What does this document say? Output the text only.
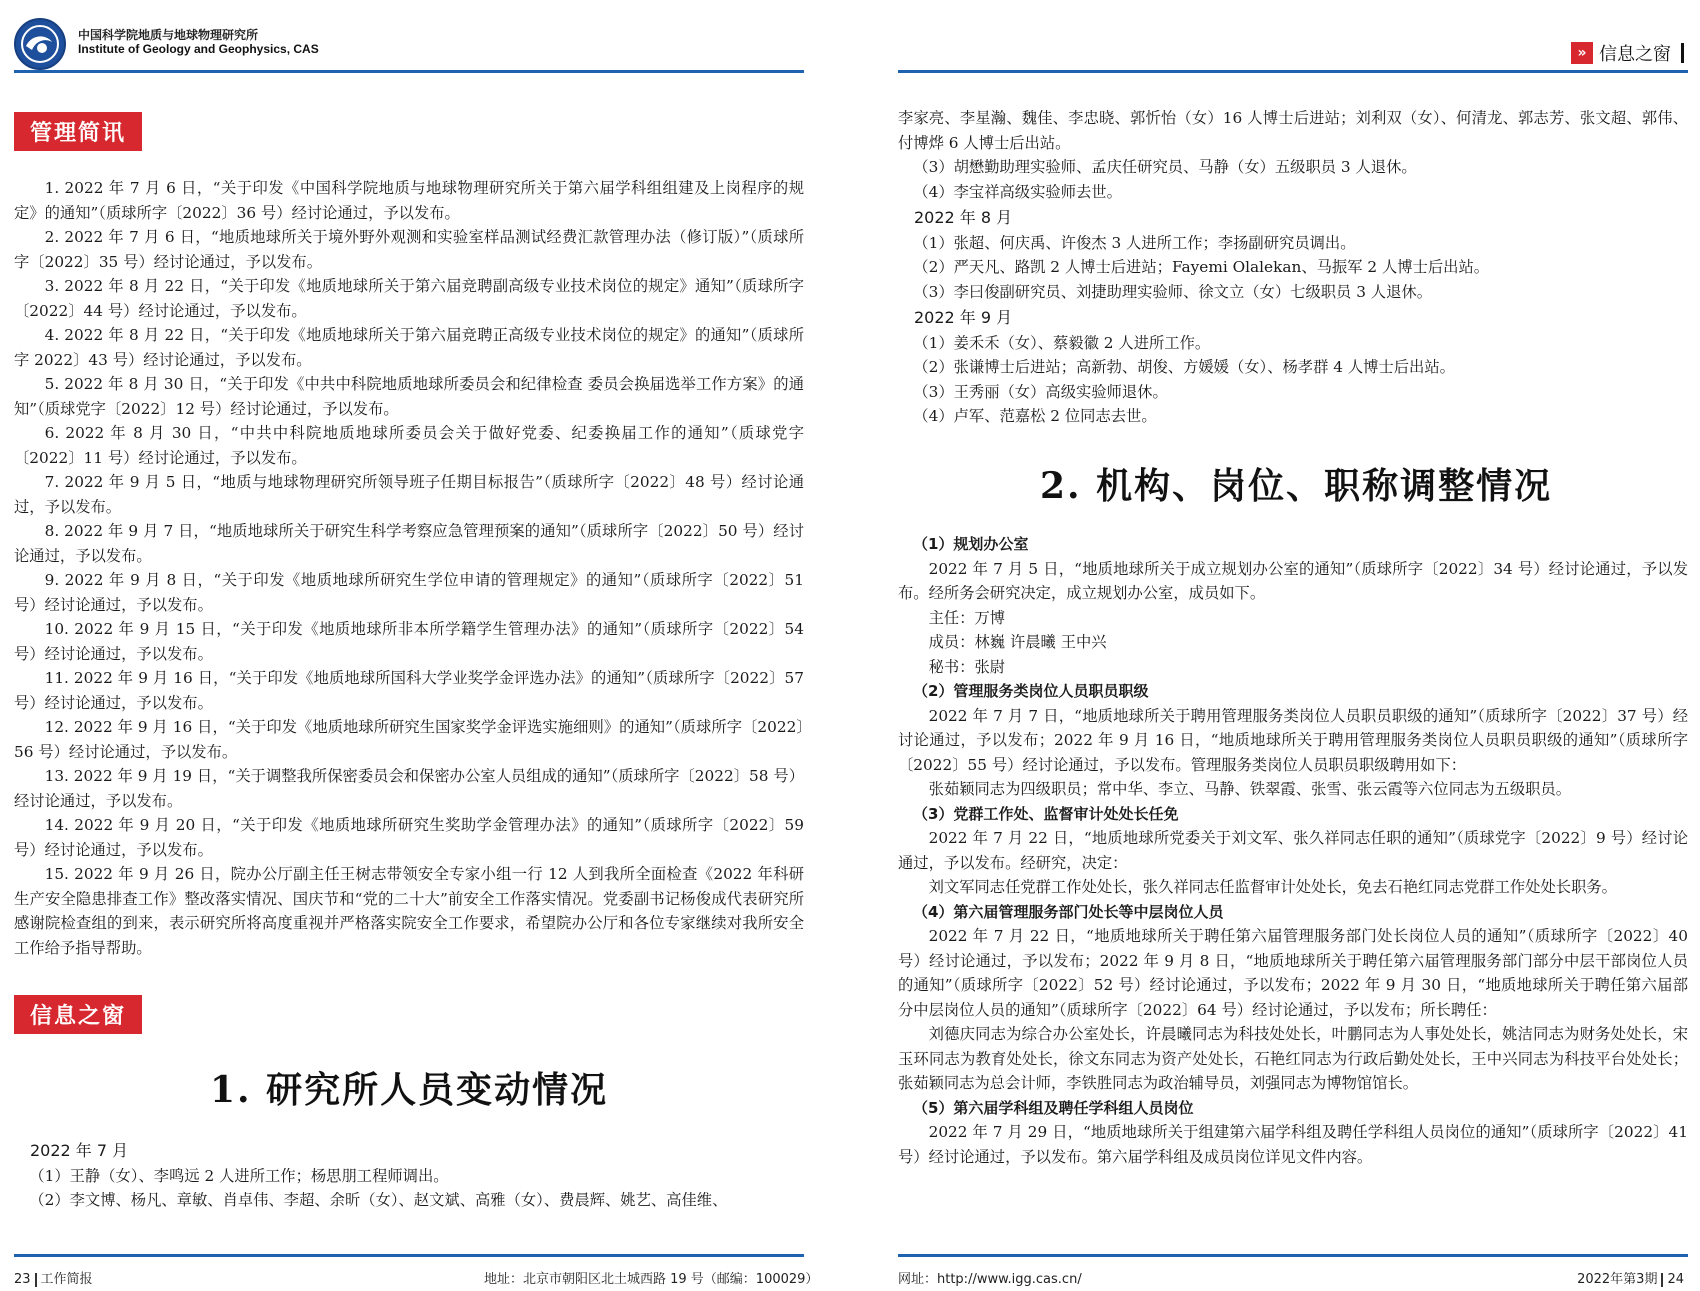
中国科学院地质与地球物理研究所
Institute of Geology and Geophysics, CAS
管理简讯

1. 2022 年 7 月 6 日，“关于印发《中国科学院地质与地球物理研究所关于第六届学科组组建及上岗程序的规定》的通知”（质球所字〔2022〕36 号）经讨论通过，予以发布。

2. 2022 年 7 月 6 日，“地质地球所关于境外野外观测和实验室样品测试经费汇款管理办法（修订版）”（质球所字〔2022〕35 号）经讨论通过，予以发布。

3. 2022 年 8 月 22 日，“关于印发《地质地球所关于第六届竞聘副高级专业技术岗位的规定》通知”（质球所字〔2022〕44 号）经讨论通过，予以发布。

4. 2022 年 8 月 22 日，“关于印发《地质地球所关于第六届竞聘正高级专业技术岗位的规定》的通知”（质球所字 2022〕43 号）经讨论通过，予以发布。

5. 2022 年 8 月 30 日，“关于印发《中共中科院地质地球所委员会和纪律检查 委员会换届选举工作方案》的通知”（质球党字〔2022〕12 号）经讨论通过，予以发布。

6. 2022 年 8 月 30 日，“中共中科院地质地球所委员会关于做好党委、纪委换届工作的通知”（质球党字〔2022〕11 号）经讨论通过，予以发布。

7. 2022 年 9 月 5 日，“地质与地球物理研究所领导班子任期目标报告”（质球所字〔2022〕48 号）经讨论通过，予以发布。

8. 2022 年 9 月 7 日，“地质地球所关于研究生科学考察应急管理预案的通知”（质球所字〔2022〕50 号）经讨论通过，予以发布。

9. 2022 年 9 月 8 日，“关于印发《地质地球所研究生学位申请的管理规定》的通知”（质球所字〔2022〕51 号）经讨论通过，予以发布。

10. 2022 年 9 月 15 日，“关于印发《地质地球所非本所学籍学生管理办法》的通知”（质球所字〔2022〕54 号）经讨论通过，予以发布。

11. 2022 年 9 月 16 日，“关于印发《地质地球所国科大学业奖学金评选办法》的通知”（质球所字〔2022〕57 号）经讨论通过，予以发布。

12. 2022 年 9 月 16 日，“关于印发《地质地球所研究生国家奖学金评选实施细则》的通知”（质球所字〔2022〕56 号）经讨论通过，予以发布。

13. 2022 年 9 月 19 日，“关于调整我所保密委员会和保密办公室人员组成的通知”（质球所字〔2022〕58 号）经讨论通过，予以发布。

14. 2022 年 9 月 20 日，“关于印发《地质地球所研究生奖助学金管理办法》的通知”（质球所字〔2022〕59 号）经讨论通过，予以发布。

15. 2022 年 9 月 26 日，院办公厅副主任王树志带领安全专家小组一行 12 人到我所全面检查《2022 年科研生产安全隐患排查工作》整改落实情况、国庆节和“党的二十大”前安全工作落实情况。党委副书记杨俊成代表研究所感谢院检查组的到来，表示研究所将高度重视并严格落实院安全工作要求，希望院办公厅和各位专家继续对我所安全工作给予指导帮助。

信息之窗
1. 研究所人员变动情况

2022 年 7 月

（1）王静（女）、李鸣远 2 人进所工作；杨思朋工程师调出。

（2）李文博、杨凡、章敏、肖卓伟、李超、余昕（女）、赵文斌、高雅（女）、费晨辉、姚艺、高佳维、

23 工作简报	地址：北京市朝阳区北土城西路 19 号（邮编：100029）
» 信息之窗

李家亮、李星瀚、魏佳、李忠晓、郭忻怡（女）16 人博士后进站；刘利双（女）、何清龙、郭志芳、张文超、郭伟、付博烨 6 人博士后出站。

（3）胡懋勤助理实验师、孟庆任研究员、马静（女）五级职员 3 人退休。

（4）李宝祥高级实验师去世。

2022 年 8 月

（1）张超、何庆禹、许俊杰 3 人进所工作；李扬副研究员调出。

（2）严天凡、路凯 2 人博士后进站；Fayemi Olalekan、马振军 2 人博士后出站。

（3）李曰俊副研究员、刘捷助理实验师、徐文立（女）七级职员 3 人退休。

2022 年 9 月

（1）姜禾禾（女）、蔡毅徽 2 人进所工作。

（2）张谦博士后进站；高新勃、胡俊、方媛媛（女）、杨孝群 4 人博士后出站。

（3）王秀丽（女）高级实验师退休。

（4）卢军、范嘉松 2 位同志去世。

2. 机构、岗位、职称调整情况

（1）规划办公室

2022 年 7 月 5 日，“地质地球所关于成立规划办公室的通知”（质球所字〔2022〕34 号）经讨论通过，予以发布。经所务会研究决定，成立规划办公室，成员如下。

主任：万博

成员：林巍 许晨曦 王中兴

秘书：张尉

（2）管理服务类岗位人员职员职级

2022 年 7 月 7 日，“地质地球所关于聘用管理服务类岗位人员职员职级的通知”（质球所字〔2022〕37 号）经讨论通过，予以发布；2022 年 9 月 16 日，“地质地球所关于聘用管理服务类岗位人员职员职级的通知”（质球所字〔2022〕55 号）经讨论通过，予以发布。管理服务类岗位人员职员职级聘用如下：

张茹颖同志为四级职员；常中华、李立、马静、铁翠霞、张雪、张云霞等六位同志为五级职员。

（3）党群工作处、监督审计处处长任免

2022 年 7 月 22 日，“地质地球所党委关于刘文军、张久祥同志任职的通知”（质球党字〔2022〕9 号）经讨论通过，予以发布。经研究，决定：

刘文军同志任党群工作处处长，张久祥同志任监督审计处处长，免去石艳红同志党群工作处处长职务。

（4）第六届管理服务部门处长等中层岗位人员

2022 年 7 月 22 日，“地质地球所关于聘任第六届管理服务部门处长岗位人员的通知”（质球所字〔2022〕40 号）经讨论通过，予以发布；2022 年 9 月 8 日，“地质地球所关于聘任第六届管理服务部门部分中层干部岗位人员的通知”（质球所字〔2022〕52 号）经讨论通过，予以发布；2022 年 9 月 30 日，“地质地球所关于聘任第六届部分中层岗位人员的通知”（质球所字〔2022〕64 号）经讨论通过，予以发布；所长聘任：

刘德庆同志为综合办公室处长，许晨曦同志为科技处处长，叶鹏同志为人事处处长，姚洁同志为财务处处长，宋玉环同志为教育处处长，徐文东同志为资产处处长，石艳红同志为行政后勤处处长，王中兴同志为科技平台处处长；张茹颖同志为总会计师，李铁胜同志为政治辅导员，刘强同志为博物馆馆长。

（5）第六届学科组及聘任学科组人员岗位

2022 年 7 月 29 日，“地质地球所关于组建第六届学科组及聘任学科组人员岗位的通知”（质球所字〔2022〕41 号）经讨论通过，予以发布。第六届学科组及成员岗位详见文件内容。

网址：http://www.igg.cas.cn/	2022年第3期 24
